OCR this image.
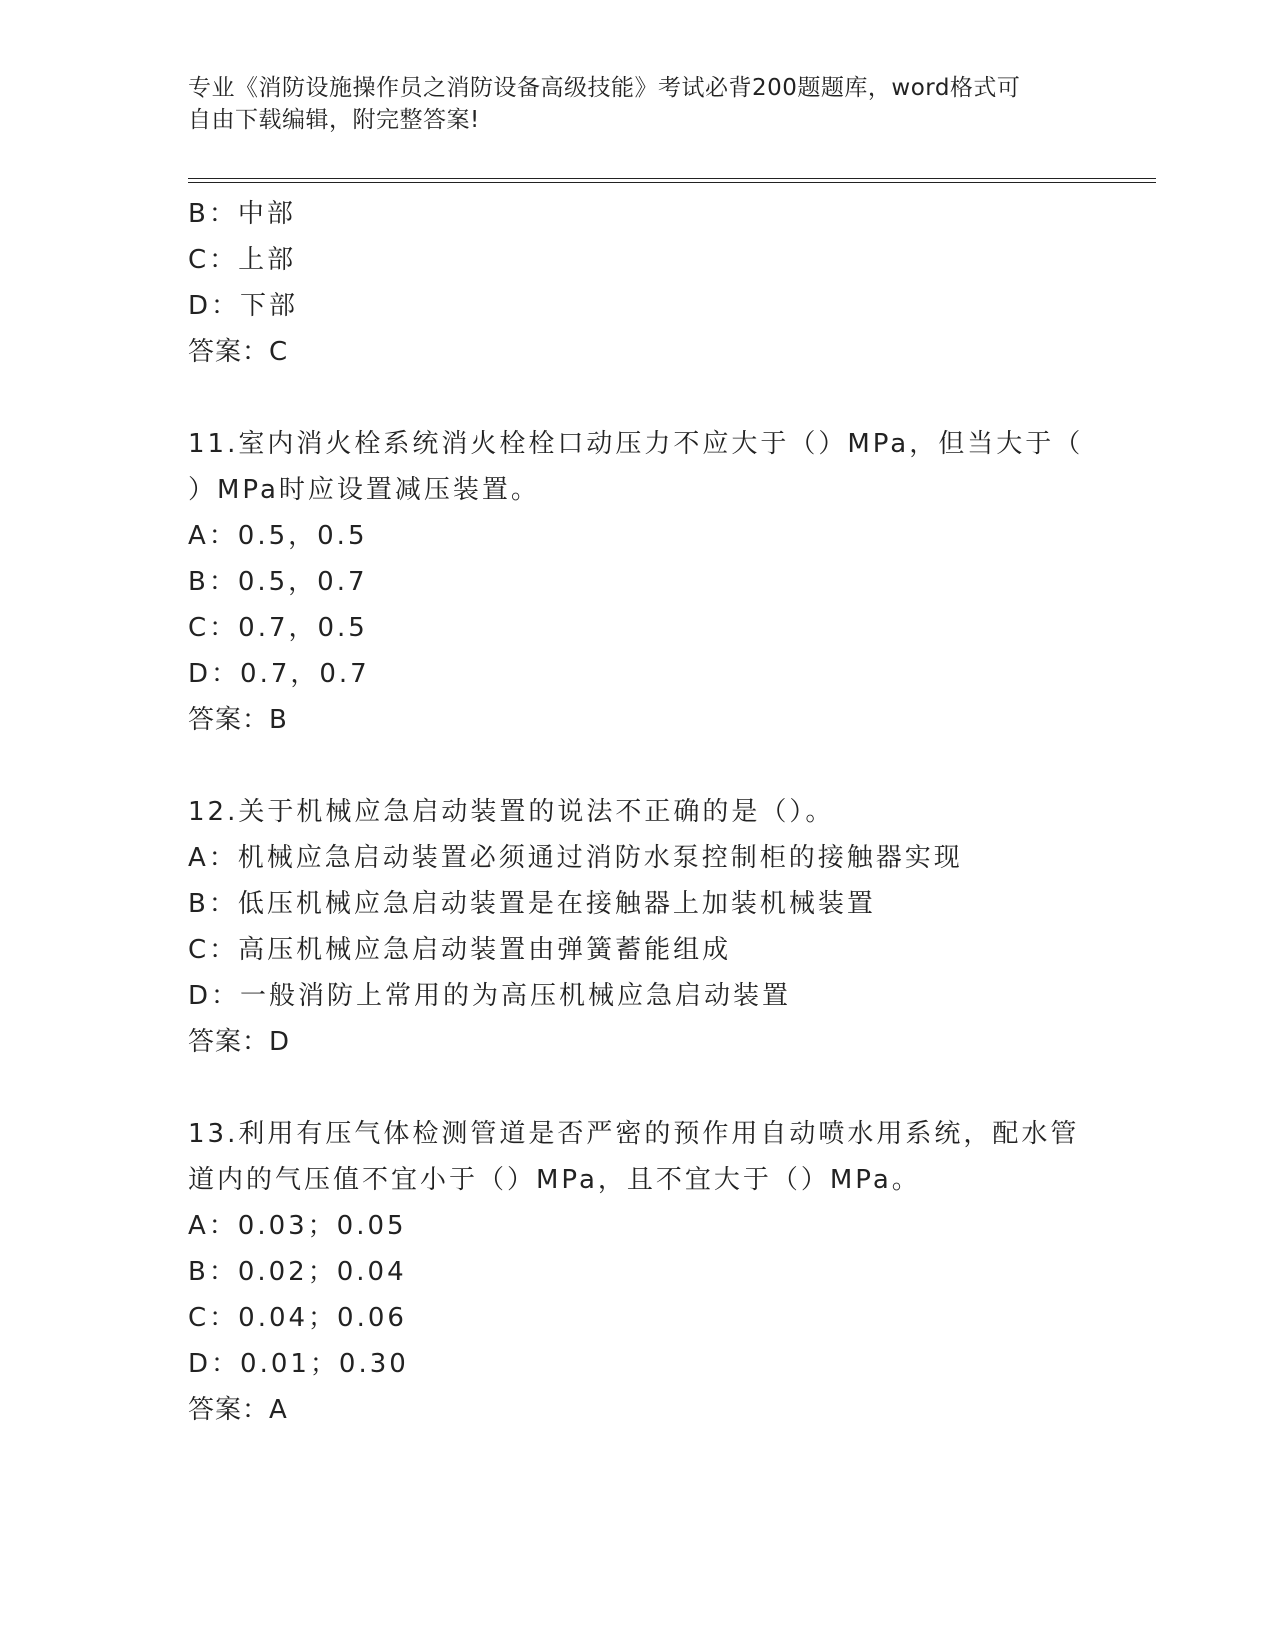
专业《消防设施操作员之消防设备高级技能》考试必背200题题库，word格式可
自由下载编辑，附完整答案!
B：中部
C：上部
D：下部
答案：C
11.室内消火栓系统消火栓栓口动压力不应大于（）MPa，但当大于（
）MPa时应设置减压装置。
A：0.5，0.5
B：0.5，0.7
C：0.7，0.5
D：0.7，0.7
答案：B
12.关于机械应急启动装置的说法不正确的是（）。
A：机械应急启动装置必须通过消防水泵控制柜的接触器实现
B：低压机械应急启动装置是在接触器上加装机械装置
C：高压机械应急启动装置由弹簧蓄能组成
D：一般消防上常用的为高压机械应急启动装置
答案：D
13.利用有压气体检测管道是否严密的预作用自动喷水用系统，配水管
道内的气压值不宜小于（）MPa，且不宜大于（）MPa。
A：0.03；0.05
B：0.02；0.04
C：0.04；0.06
D：0.01；0.30
答案：A
